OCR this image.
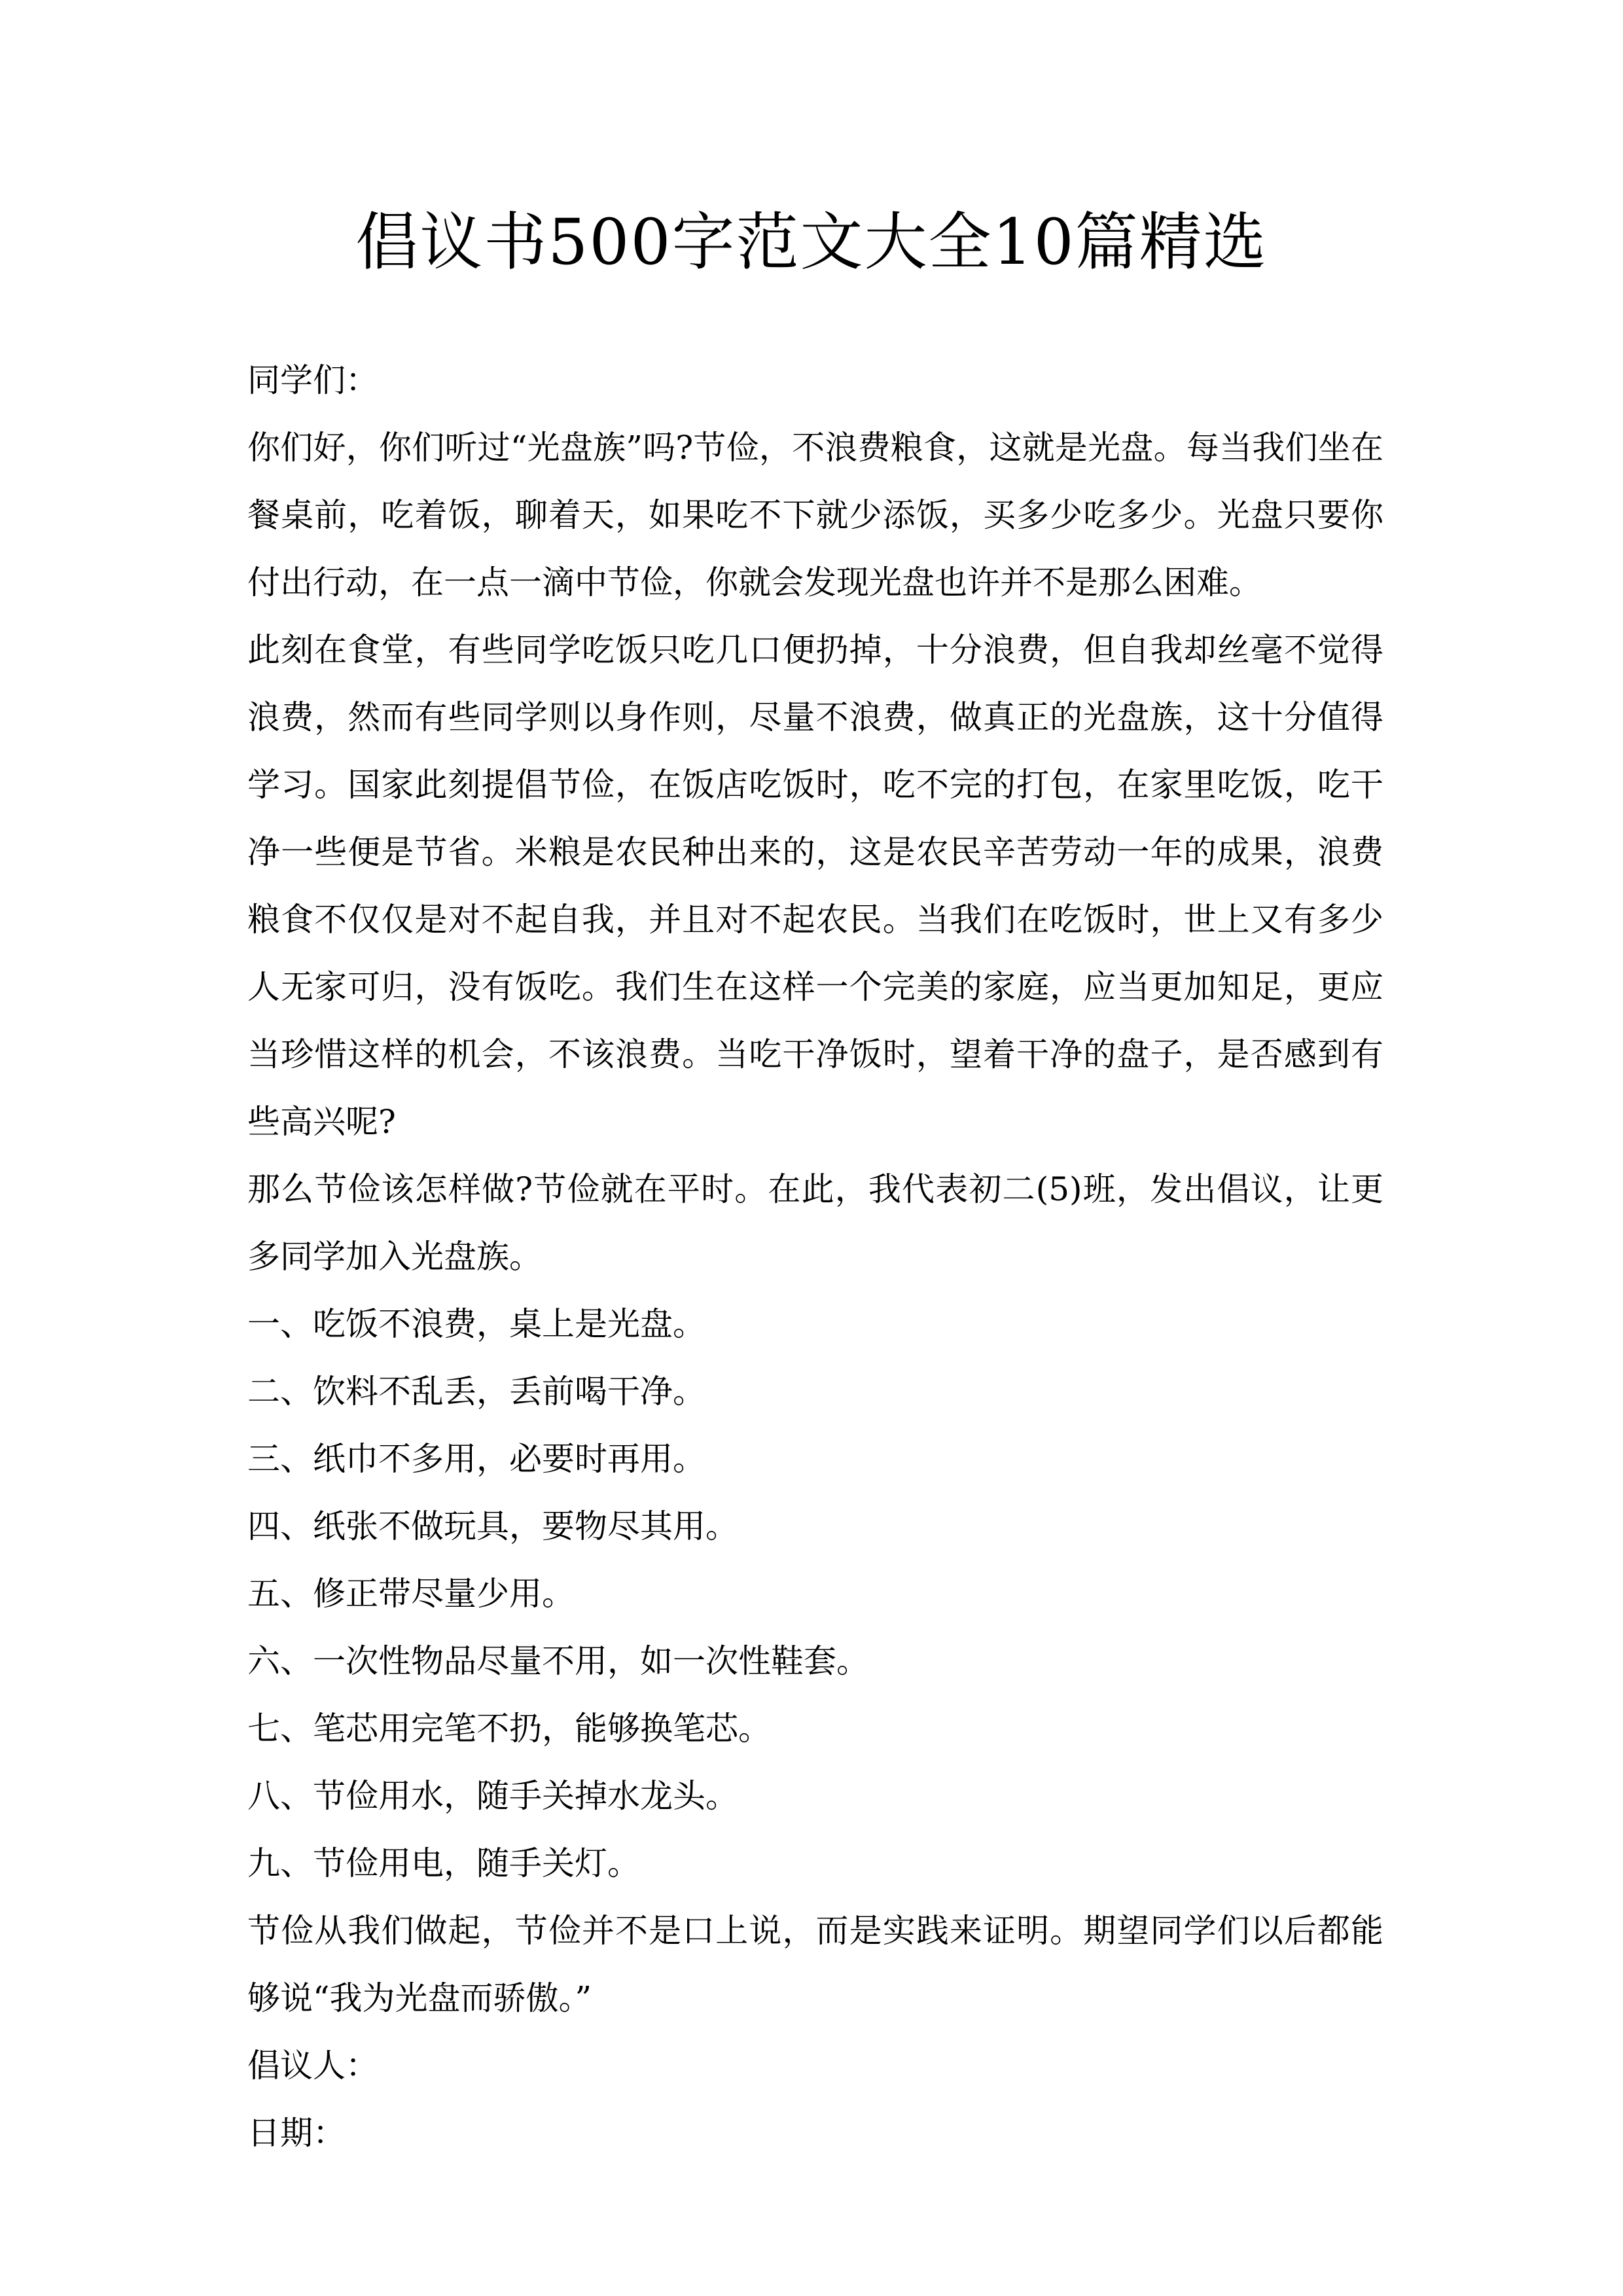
倡议书500字范文大全10篇精选

同学们：

你们好，你们听过“光盘族”吗?节俭，不浪费粮食，这就是光盘。每当我们坐在餐桌前，吃着饭，聊着天，如果吃不下就少添饭，买多少吃多少。光盘只要你付出行动，在一点一滴中节俭，你就会发现光盘也许并不是那么困难。

此刻在食堂，有些同学吃饭只吃几口便扔掉，十分浪费，但自我却丝毫不觉得浪费，然而有些同学则以身作则，尽量不浪费，做真正的光盘族，这十分值得学习。国家此刻提倡节俭，在饭店吃饭时，吃不完的打包，在家里吃饭，吃干净一些便是节省。米粮是农民种出来的，这是农民辛苦劳动一年的成果，浪费粮食不仅仅是对不起自我，并且对不起农民。当我们在吃饭时，世上又有多少人无家可归，没有饭吃。我们生在这样一个完美的家庭，应当更加知足，更应当珍惜这样的机会，不该浪费。当吃干净饭时，望着干净的盘子，是否感到有些高兴呢?

那么节俭该怎样做?节俭就在平时。在此，我代表初二(5)班，发出倡议，让更多同学加入光盘族。

一、吃饭不浪费，桌上是光盘。

二、饮料不乱丢，丢前喝干净。

三、纸巾不多用，必要时再用。

四、纸张不做玩具，要物尽其用。

五、修正带尽量少用。

六、一次性物品尽量不用，如一次性鞋套。

七、笔芯用完笔不扔，能够换笔芯。

八、节俭用水，随手关掉水龙头。

九、节俭用电，随手关灯。

节俭从我们做起，节俭并不是口上说，而是实践来证明。期望同学们以后都能够说“我为光盘而骄傲。”

倡议人：

日期：
